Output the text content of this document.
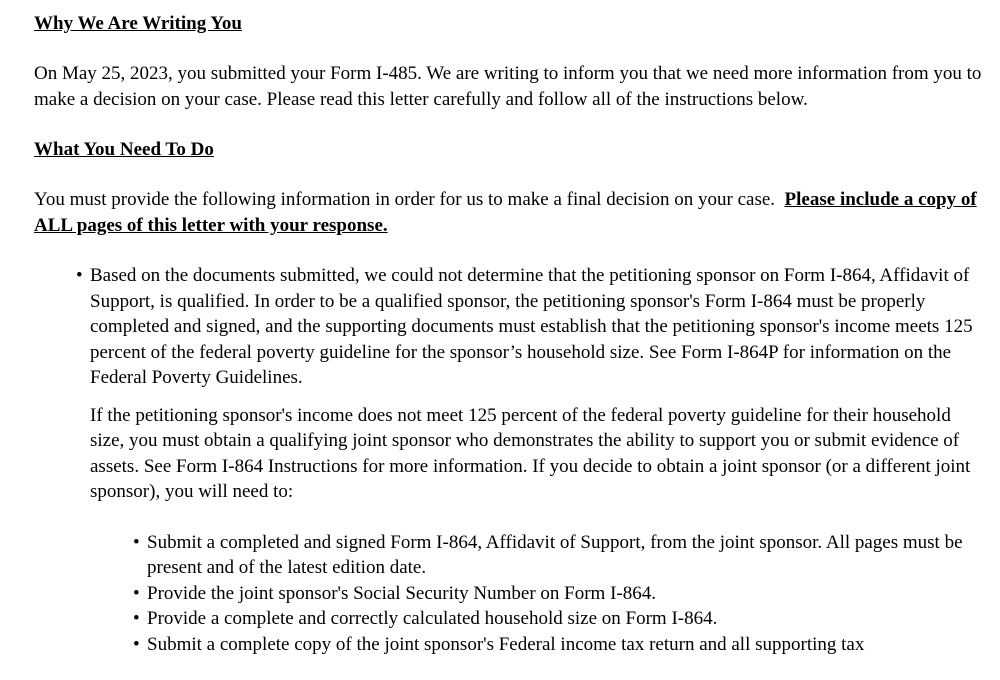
Why We Are Writing You

On May 25, 2023, you submitted your Form I-485. We are writing to inform you that we need more information from you to make a decision on your case. Please read this letter carefully and follow all of the instructions below.

What You Need To Do

You must provide the following information in order for us to make a final decision on your case. Please include a copy of ALL pages of this letter with your response.

• Based on the documents submitted, we could not determine that the petitioning sponsor on Form I-864, Affidavit of Support, is qualified. In order to be a qualified sponsor, the petitioning sponsor's Form I-864 must be properly completed and signed, and the supporting documents must establish that the petitioning sponsor's income meets 125 percent of the federal poverty guideline for the sponsor’s household size. See Form I-864P for information on the Federal Poverty Guidelines.

If the petitioning sponsor's income does not meet 125 percent of the federal poverty guideline for their household size, you must obtain a qualifying joint sponsor who demonstrates the ability to support you or submit evidence of assets. See Form I-864 Instructions for more information. If you decide to obtain a joint sponsor (or a different joint sponsor), you will need to:

• Submit a completed and signed Form I-864, Affidavit of Support, from the joint sponsor. All pages must be present and of the latest edition date.
• Provide the joint sponsor's Social Security Number on Form I-864.
• Provide a complete and correctly calculated household size on Form I-864.
• Submit a complete copy of the joint sponsor's Federal income tax return and all supporting tax
